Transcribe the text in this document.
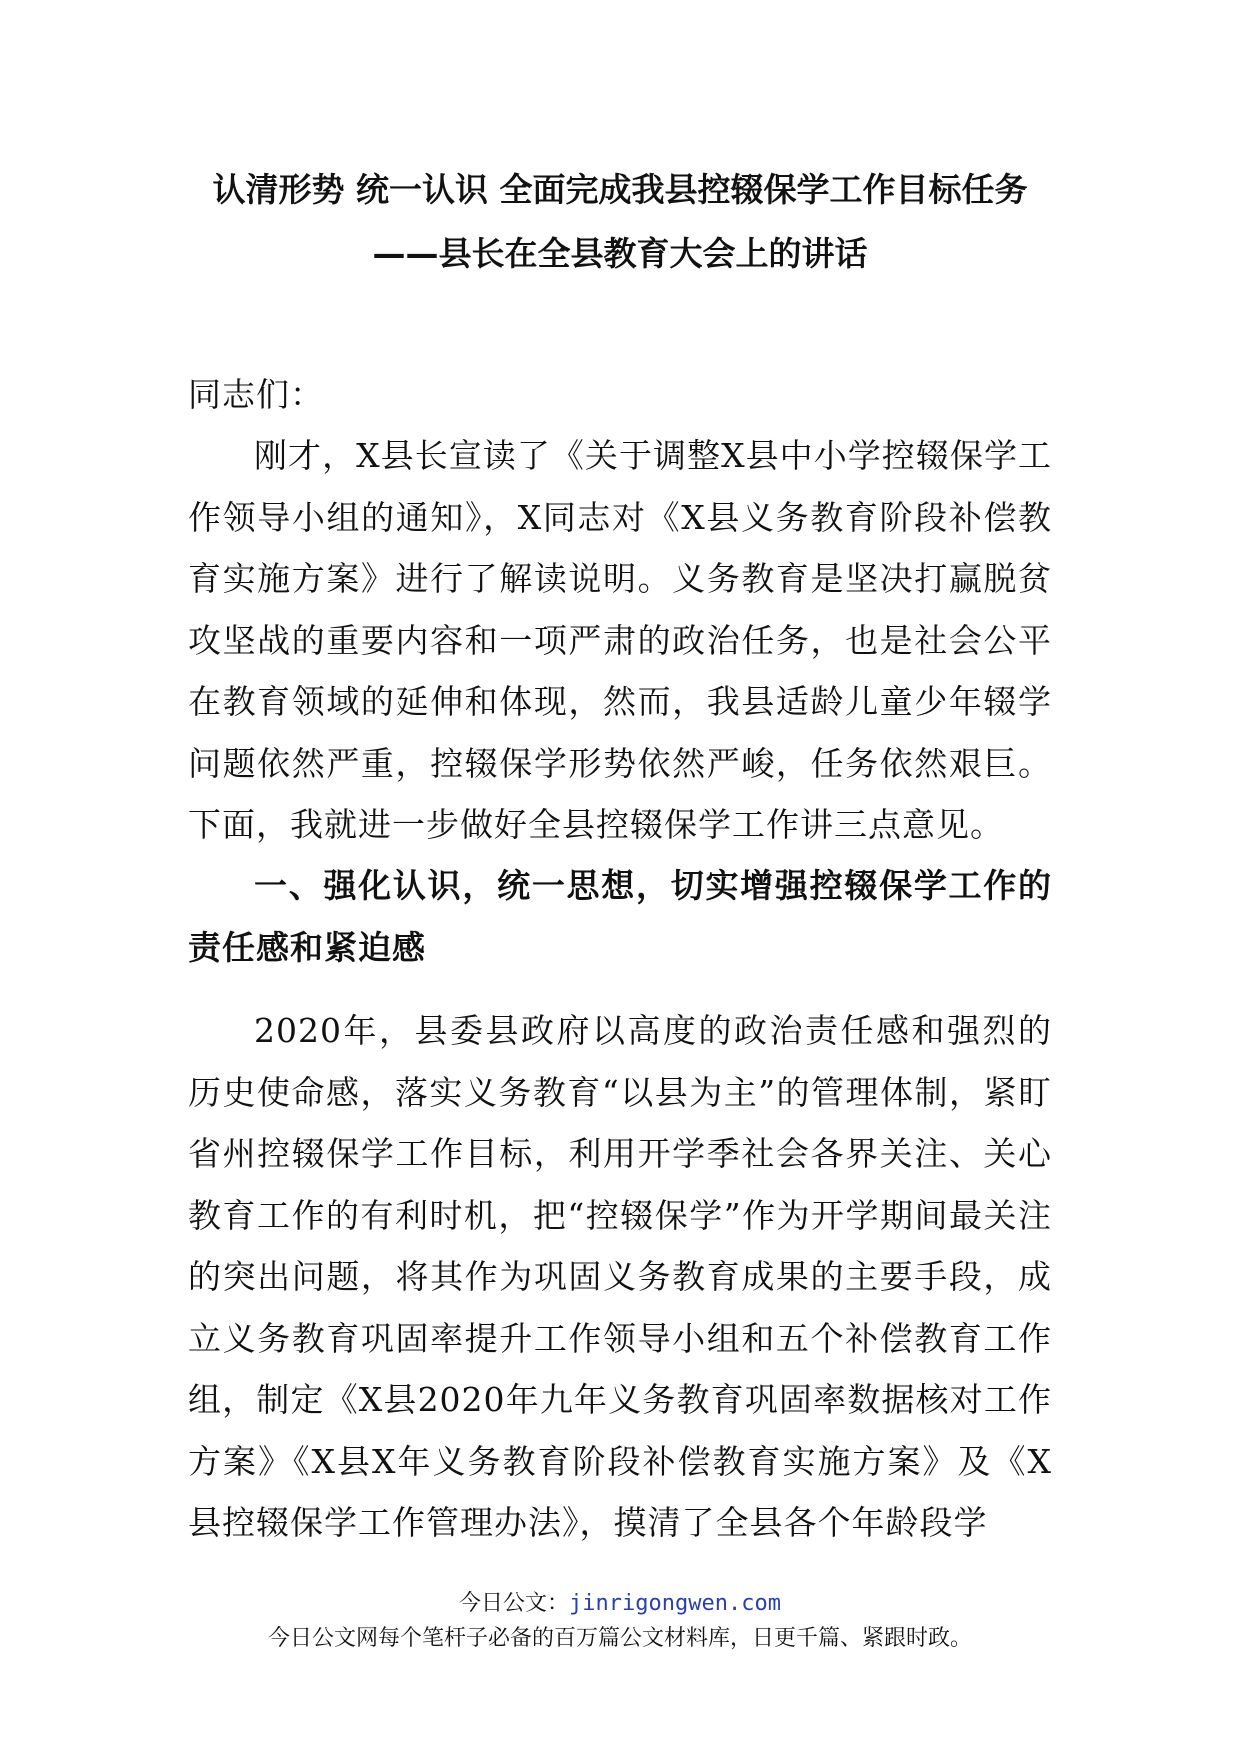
认清形势 统一认识 全面完成我县控辍保学工作目标任务
——县长在全县教育大会上的讲话
同志们：
刚才，X县长宣读了《关于调整X县中小学控辍保学工作领导小组的通知》，X同志对《X县义务教育阶段补偿教育实施方案》进行了解读说明。义务教育是坚决打赢脱贫攻坚战的重要内容和一项严肃的政治任务，也是社会公平在教育领域的延伸和体现，然而，我县适龄儿童少年辍学问题依然严重，控辍保学形势依然严峻，任务依然艰巨。下面，我就进一步做好全县控辍保学工作讲三点意见。
一、强化认识，统一思想，切实增强控辍保学工作的责任感和紧迫感
2020年，县委县政府以高度的政治责任感和强烈的历史使命感，落实义务教育“以县为主”的管理体制，紧盯省州控辍保学工作目标，利用开学季社会各界关注、关心教育工作的有利时机，把“控辍保学”作为开学期间最关注的突出问题，将其作为巩固义务教育成果的主要手段，成立义务教育巩固率提升工作领导小组和五个补偿教育工作组，制定《X县2020年九年义务教育巩固率数据核对工作方案》《X县X年义务教育阶段补偿教育实施方案》及《X县控辍保学工作管理办法》，摸清了全县各个年龄段学
今日公文：jinrigongwen.com
今日公文网每个笔杆子必备的百万篇公文材料库，日更千篇、紧跟时政。
